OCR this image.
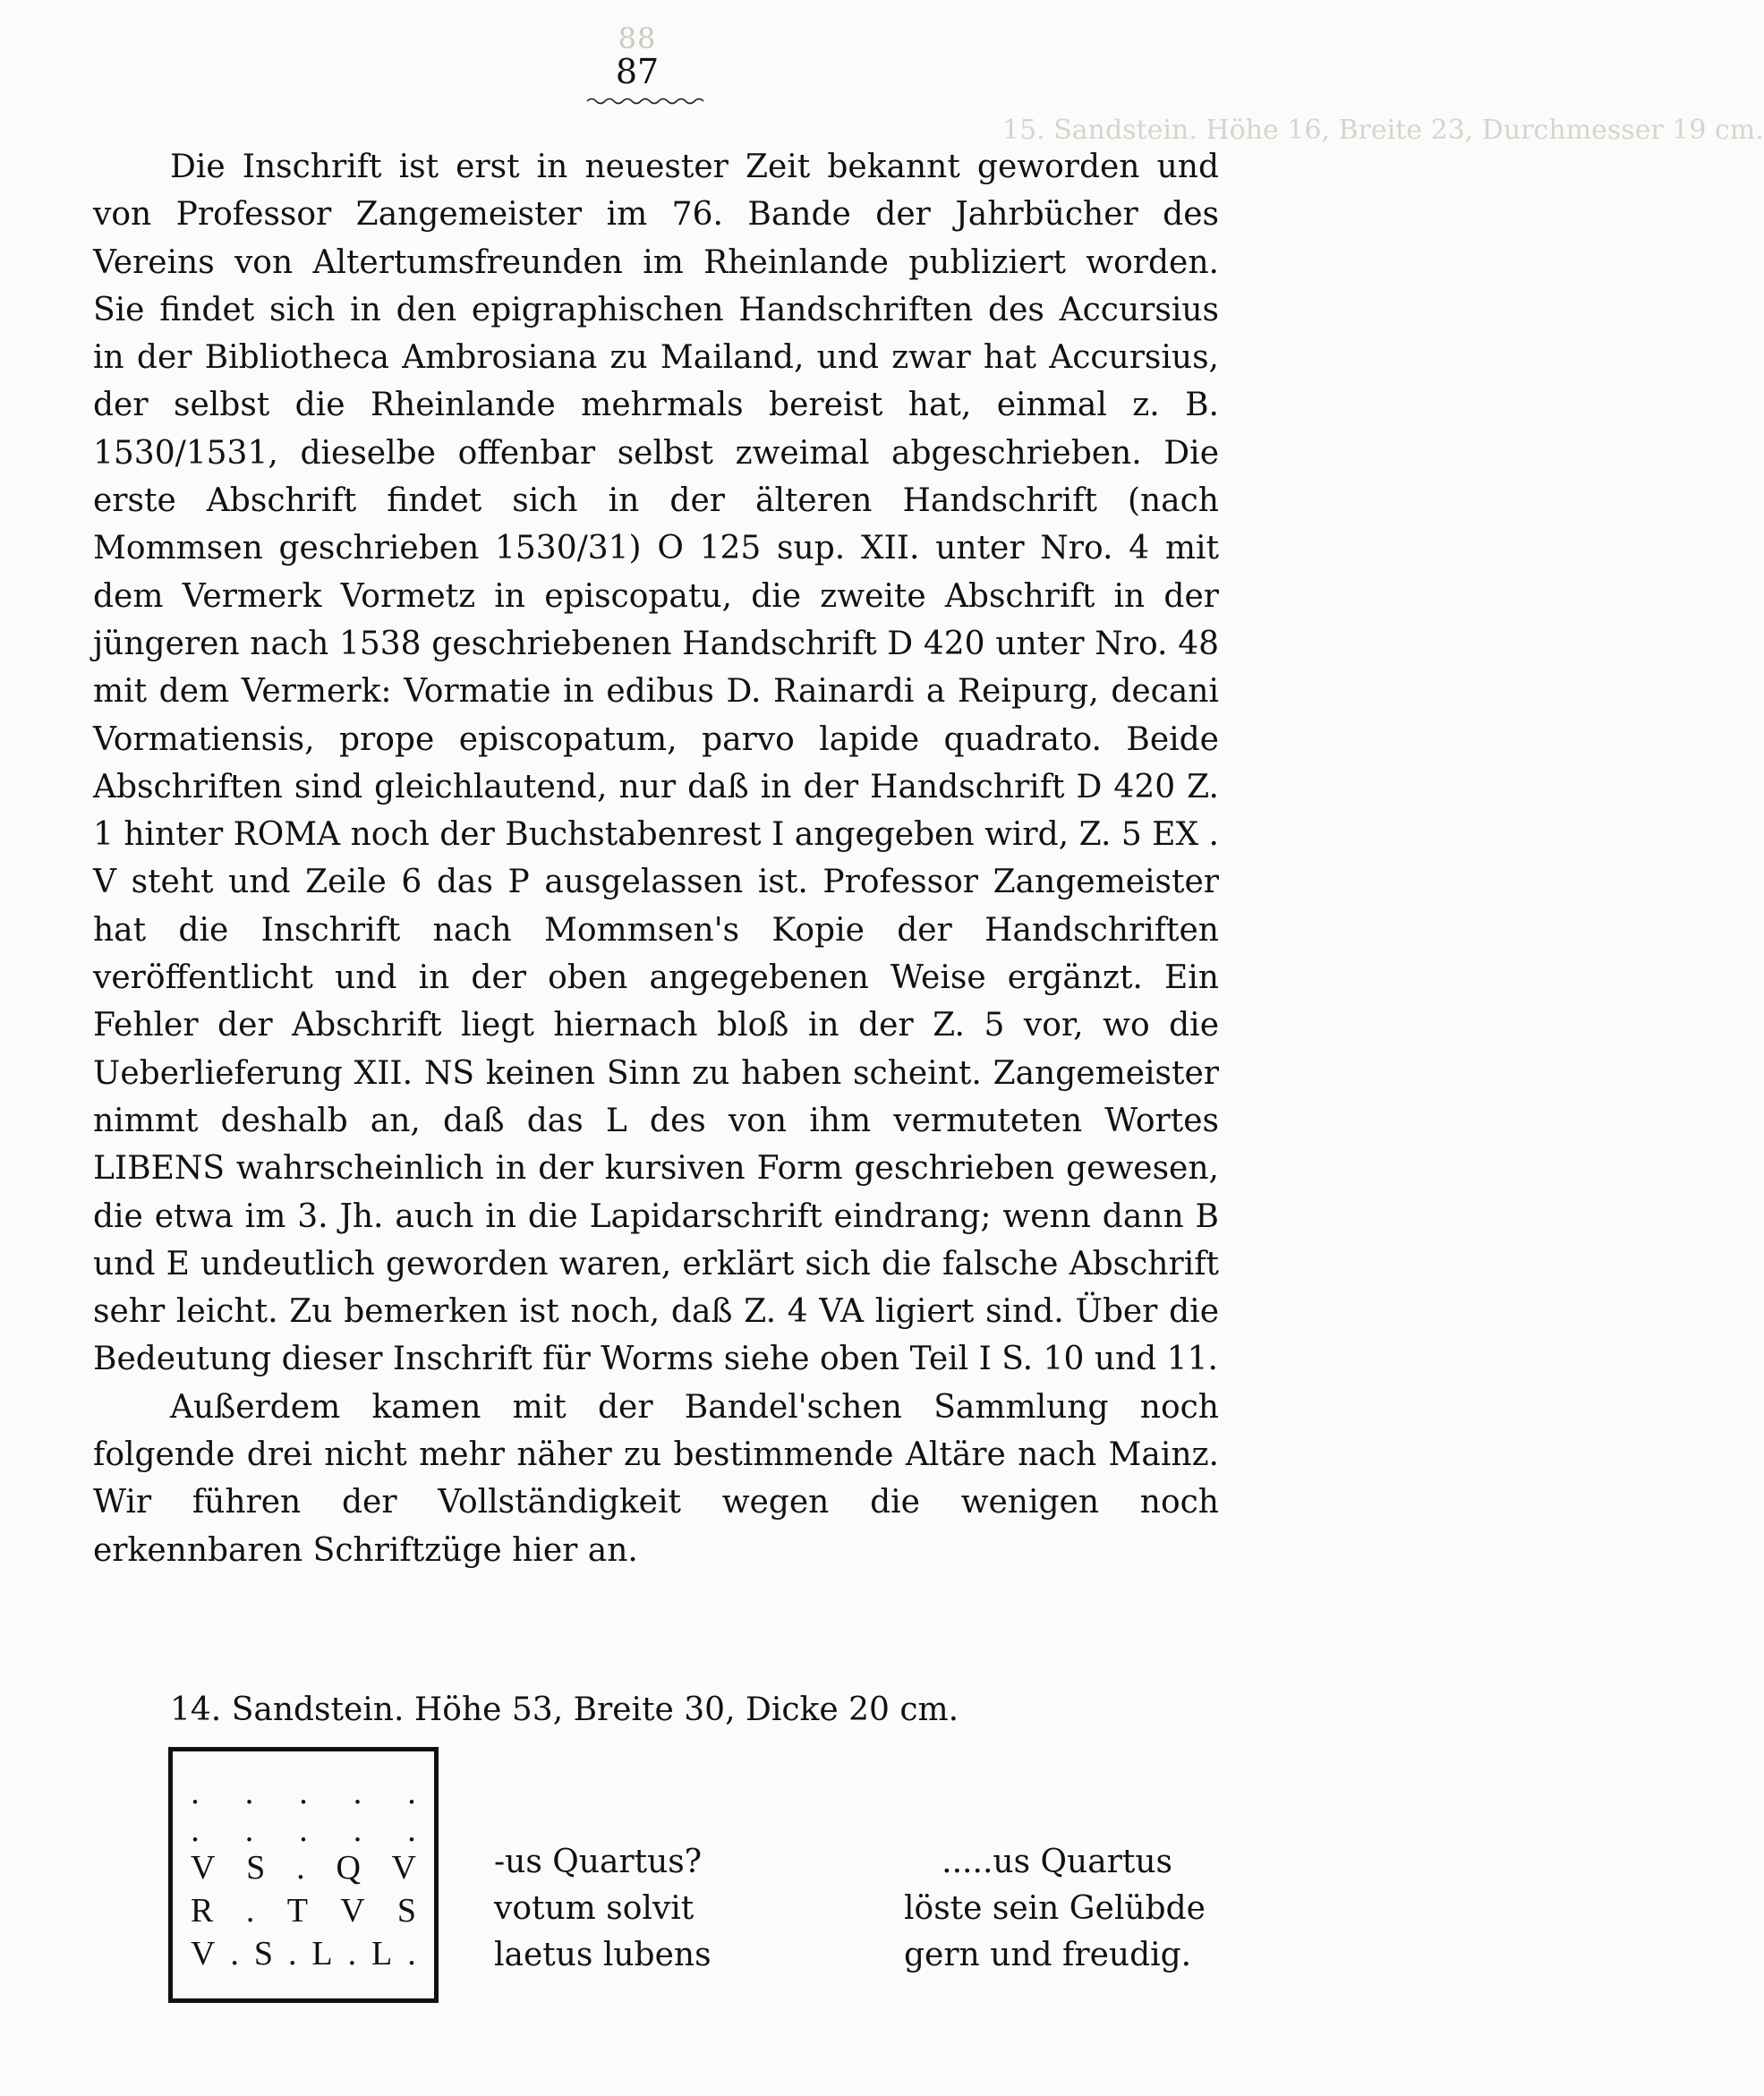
88
87
15. Sandstein. Höhe 16, Breite 23, Durchmesser 19 cm.

Die Inschrift ist erst in neuester Zeit bekannt geworden und von Professor Zangemeister im 76. Bande der Jahrbücher des Vereins von Altertumsfreunden im Rheinlande publiziert worden. Sie findet sich in den epigraphischen Handschriften des Accursius in der Bibliotheca Ambrosiana zu Mailand, und zwar hat Accursius, der selbst die Rheinlande mehrmals bereist hat, einmal z. B. 1530/1531, dieselbe offenbar selbst zweimal abgeschrieben. Die erste Abschrift findet sich in der älteren Handschrift (nach Mommsen geschrieben 1530/31) O 125 sup. XII. unter Nro. 4 mit dem Vermerk Vormetz in episcopatu, die zweite Abschrift in der jüngeren nach 1538 geschriebenen Handschrift D 420 unter Nro. 48 mit dem Vermerk: Vormatie in edibus D. Rainardi a Reipurg, decani Vormatiensis, prope episcopatum, parvo lapide quadrato. Beide Abschriften sind gleichlautend, nur daß in der Handschrift D 420 Z. 1 hinter ROMA noch der Buchstabenrest I angegeben wird, Z. 5 EX . V steht und Zeile 6 das P ausgelassen ist. Professor Zangemeister hat die Inschrift nach Mommsen's Kopie der Handschriften veröffentlicht und in der oben angegebenen Weise ergänzt. Ein Fehler der Abschrift liegt hiernach bloß in der Z. 5 vor, wo die Ueberlieferung XII. NS keinen Sinn zu haben scheint. Zangemeister nimmt deshalb an, daß das L des von ihm vermuteten Wortes LIBENS wahrscheinlich in der kursiven Form geschrieben gewesen, die etwa im 3. Jh. auch in die Lapidarschrift eindrang; wenn dann B und E undeutlich geworden waren, erklärt sich die falsche Abschrift sehr leicht. Zu bemerken ist noch, daß Z. 4 VA ligiert sind. Über die Bedeutung dieser Inschrift für Worms siehe oben Teil I S. 10 und 11.

Außerdem kamen mit der Bandel'schen Sammlung noch folgende drei nicht mehr näher zu bestimmende Altäre nach Mainz. Wir führen der Vollständigkeit wegen die wenigen noch erkennbaren Schriftzüge hier an.

14. Sandstein. Höhe 53, Breite 30, Dicke 20 cm.
. . . . .
. . . . .
V S . Q V
R . T V S
V . S . L . L .
-us Quartus?
votum solvit
laetus lubens
.....us Quartus
löste sein Gelübde
gern und freudig.
